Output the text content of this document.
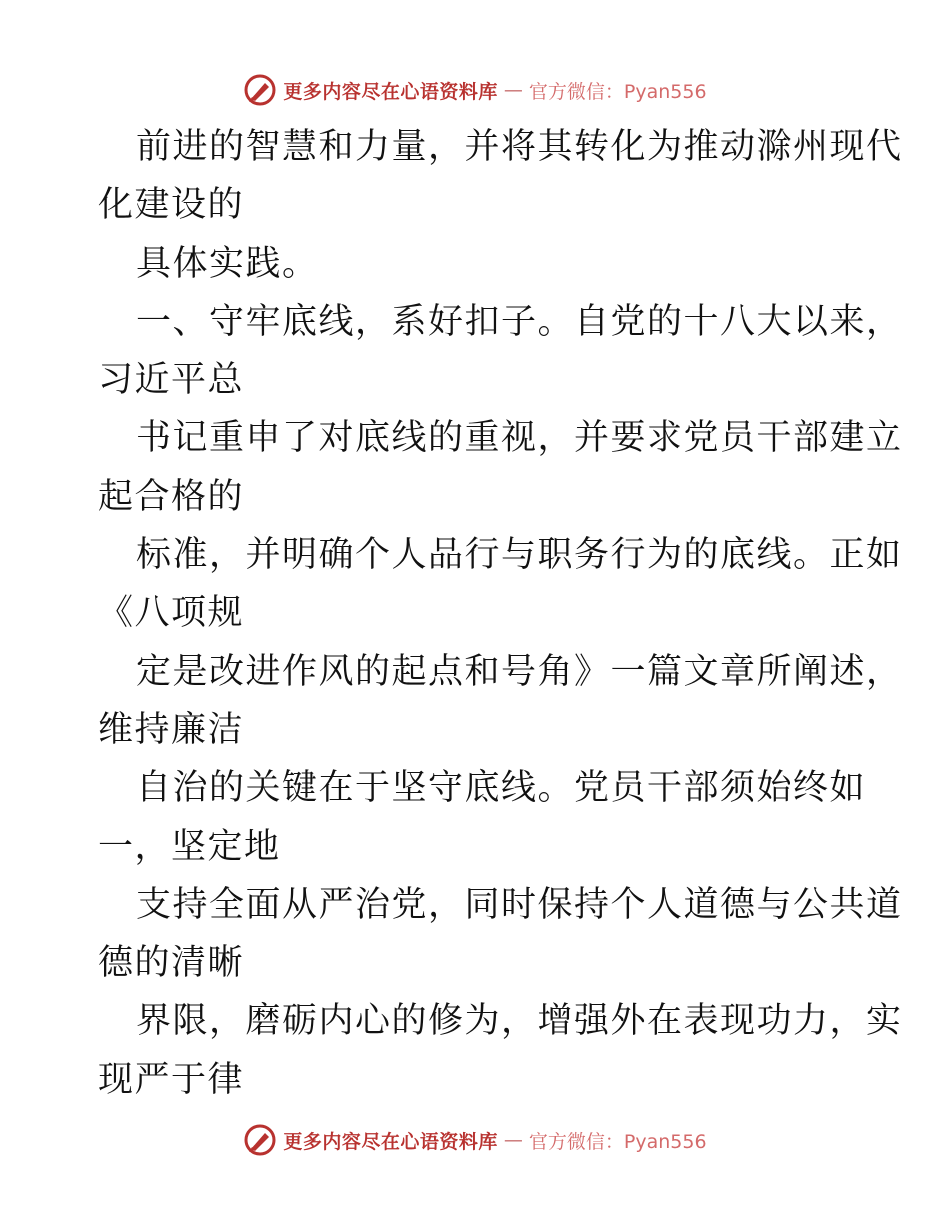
更多内容尽在心语资料库 — 官方微信：Pyan556
前进的智慧和力量，并将其转化为推动滁州现代
化建设的
具体实践。
一、守牢底线，系好扣子。自党的十八大以来，
习近平总
书记重申了对底线的重视，并要求党员干部建立
起合格的
标准，并明确个人品行与职务行为的底线。正如
《八项规
定是改进作风的起点和号角》一篇文章所阐述，
维持廉洁
自治的关键在于坚守底线。党员干部须始终如
一，坚定地
支持全面从严治党，同时保持个人道德与公共道
德的清晰
界限，磨砺内心的修为，增强外在表现功力，实
现严于律
更多内容尽在心语资料库 — 官方微信：Pyan556
